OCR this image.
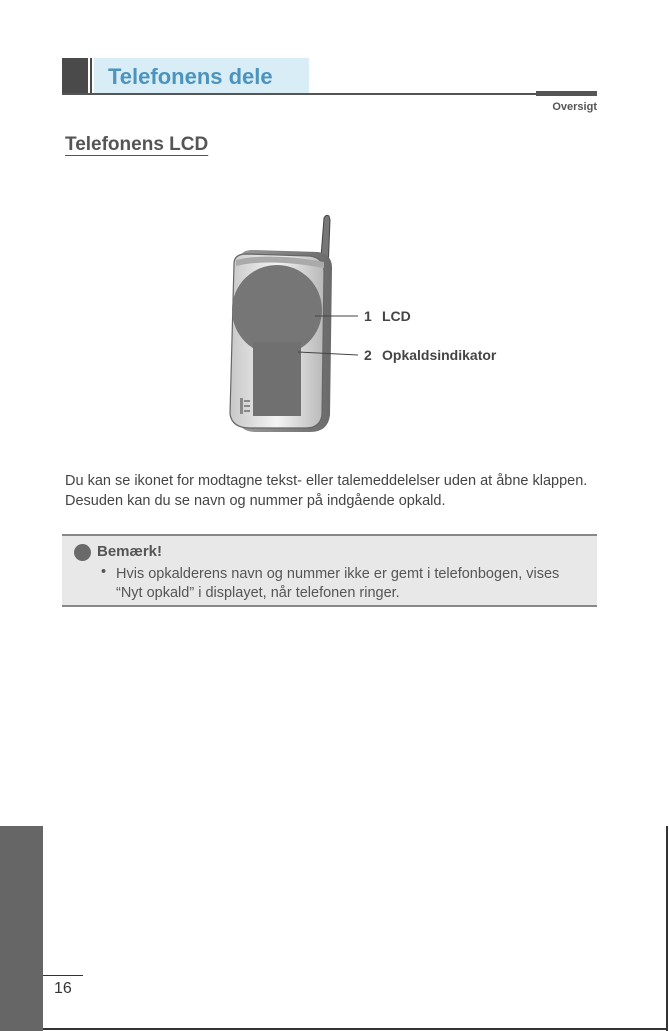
Telefonens dele
Oversigt
Telefonens LCD
1 LCD
2 Opkaldsindikator
Du kan se ikonet for modtagne tekst- eller talemeddelelser uden at åbne klappen. Desuden kan du se navn og nummer på indgående opkald.
Bemærk!
• Hvis opkalderens navn og nummer ikke er gemt i telefonbogen, vises “Nyt opkald” i displayet, når telefonen ringer.
16
